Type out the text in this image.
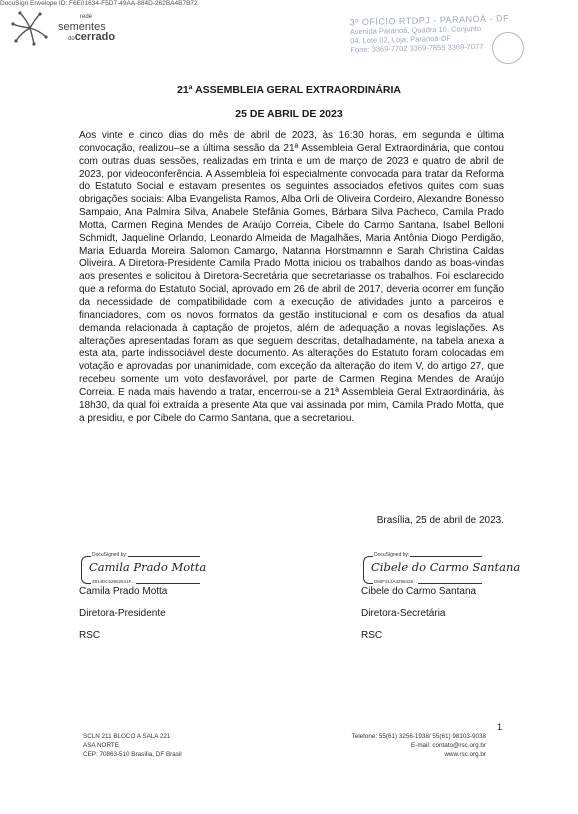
DocuSign Envelope ID: F6E01634-F5D7-49AA-884D-262BA4B7B72
rede
sementes
docerrado
3º OFÍCIO RTDPJ - PARANOÁ - DF
Avenida Paranoá, Quadra 10, Conjunto
04, Lote 02, Loja, Paranoá-DF
Fone: 3369-7702 3369-7855 3369-7077
21ª ASSEMBLEIA GERAL EXTRAORDINÁRIA
25 DE ABRIL DE 2023
Aos vinte e cinco dias do mês de abril de 2023, às 16:30 horas, em segunda e última convocação, realizou–se a última sessão da 21ª Assembleia Geral Extraordinária, que contou com outras duas sessões, realizadas em trinta e um de março de 2023 e quatro de abril de 2023, por videoconferência. A Assembleia foi especialmente convocada para tratar da Reforma do Estatuto Social e estavam presentes os seguintes associados efetivos quites com suas obrigações sociais: Alba Evangelista Ramos, Alba Orli de Oliveira Cordeiro, Alexandre Bonesso Sampaio, Ana Palmira Silva, Anabele Stefânia Gomes, Bárbara Silva Pacheco, Camila Prado Motta, Carmen Regina Mendes de Araújo Correia, Cibele do Carmo Santana, Isabel Belloni Schmidt, Jaqueline Orlando, Leonardo Almeida de Magalhães, Maria Antônia Diogo Perdigão, Maria Eduarda Moreira Salomon Camargo, Natanna Horstmamnn e Sarah Christina Caldas Oliveira. A Diretora-Presidente Camila Prado Motta iniciou os trabalhos dando as boas-vindas aos presentes e solicitou à Diretora-Secretária que secretariasse os trabalhos. Foi esclarecido que a reforma do Estatuto Social, aprovado em 26 de abril de 2017, deveria ocorrer em função da necessidade de compatibilidade com a execução de atividades junto a parceiros e financiadores, com os novos formatos da gestão institucional e com os desafios da atual demanda relacionada à captação de projetos, além de adequação a novas legislações. As alterações apresentadas foram as que seguem descritas, detalhadamente, na tabela anexa a esta ata, parte indissociável deste documento. As alterações do Estatuto foram colocadas em votação e aprovadas por unanimidade, com exceção da alteração do item V, do artigo 27, que recebeu somente um voto desfavorável, por parte de Carmen Regina Mendes de Araújo Correia. E nada mais havendo a tratar, encerrou-se a 21ª Assembleia Geral Extraordinária, às 18h30, da qual foi extraída a presente Ata que vai assinada por mim, Camila Prado Motta, que a presidiu, e por Cibele do Carmo Santana, que a secretariou.
Brasília, 25 de abril de 2023.
DocuSigned by:
Camila Prado Motta
3814DC52802541F...
Camila Prado Motta
Diretora-Presidente
RSC
DocuSigned by:
Cibele do Carmo Santana
D93F313A3298428...
Cibele do Carmo Santana
Diretora-Secretária
RSC
1
SCLN 211 BLOCO A SALA 221
ASA NORTE
CEP: 70863-510 Brasília, DF Brasil
Telefone: 55(61) 3256-1938/ 55(61) 98103-9038
E-mail: contato@rsc.org.br
www.rsc.org.br
